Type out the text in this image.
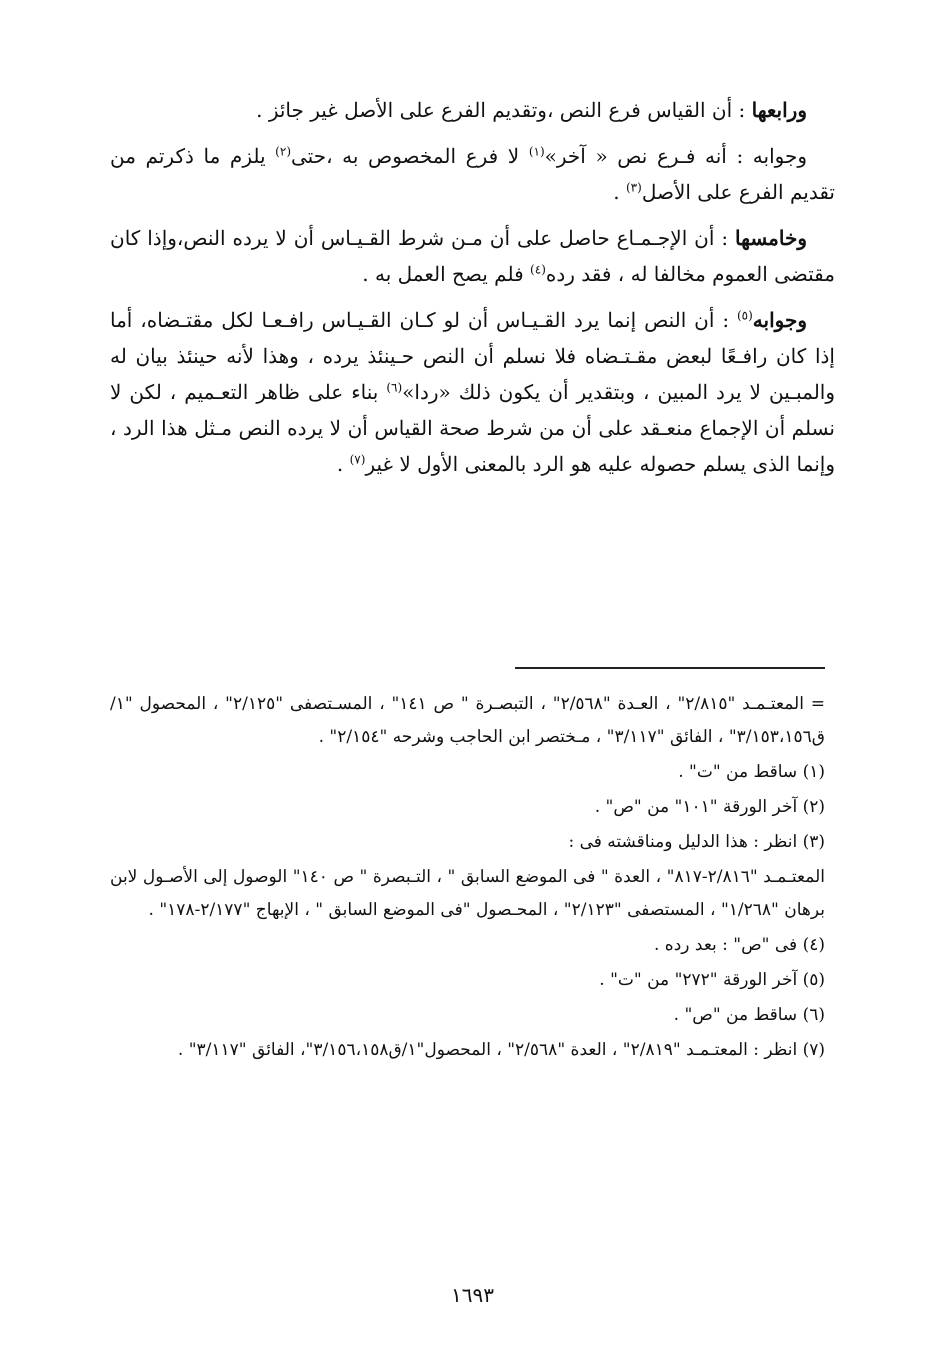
ورابعها : أن القياس فرع النص ،وتقديم الفرع على الأصل غير جائز .

وجوابه : أنه فـرع نص « آخر»$^{(١)}$ لا فرع المخصوص به ،حتى$^{(٢)}$ يلزم ما ذكرتم من تقديم الفرع على الأصل$^{(٣)}$ .

وخامسها : أن الإجـمـاع حاصل على أن مـن شرط القـيـاس أن لا يرده النص،وإذا كان مقتضى العموم مخالفا له ، فقد رده$^{(٤)}$ فلم يصح العمل به .

وجوابه$^{(٥)}$ : أن النص إنما يرد القـيـاس أن لو كـان القـيـاس رافـعـا لكل مقتـضاه، أما إذا كان رافـعًا لبعض مقـتـضاه فلا نسلم أن النص حـينئذ يرده ، وهذا لأنه حينئذ بيان له والمبـين لا يرد المبين ، وبتقدير أن يكون ذلك «ردا»$^{(٦)}$ بناء على ظاهر التعـميم ، لكن لا نسلم أن الإجماع منعـقد على أن من شرط صحة القياس أن لا يرده النص مـثل هذا الرد ، وإنما الذى يسلم حصوله عليه هو الرد بالمعنى الأول لا غير$^{(٧)}$ .

= المعتـمـد "٢/٨١٥" ، العـدة "٢/٥٦٨" ، التبصـرة " ص ١٤١" ، المسـتصفى "٢/١٢٥" ، المحصول "١/ق٣/١٥٣،١٥٦" ، الفائق "٣/١١٧" ، مـختصر ابن الحاجب وشرحه "٢/١٥٤" .

(١) ساقط من "ت" .

(٢) آخر الورقة "١٠١" من "ص" .

(٣) انظر : هذا الدليل ومناقشته فى :

المعتـمـد "٢/٨١٦-٨١٧" ، العدة " فى الموضع السابق " ، التـبصرة " ص ١٤٠" الوصول إلى الأصـول لابن برهان "١/٢٦٨" ، المستصفى "٢/١٢٣" ، المحـصول "فى الموضع السابق " ، الإبهاج "٢/١٧٧-١٧٨" .

(٤) فى "ص" : بعد رده .

(٥) آخر الورقة "٢٧٢" من "ت" .

(٦) ساقط من "ص" .

(٧) انظر : المعتـمـد "٢/٨١٩" ، العدة "٢/٥٦٨" ، المحصول"١/ق٣/١٥٦،١٥٨"، الفائق "٣/١١٧" .

١٦٩٣
